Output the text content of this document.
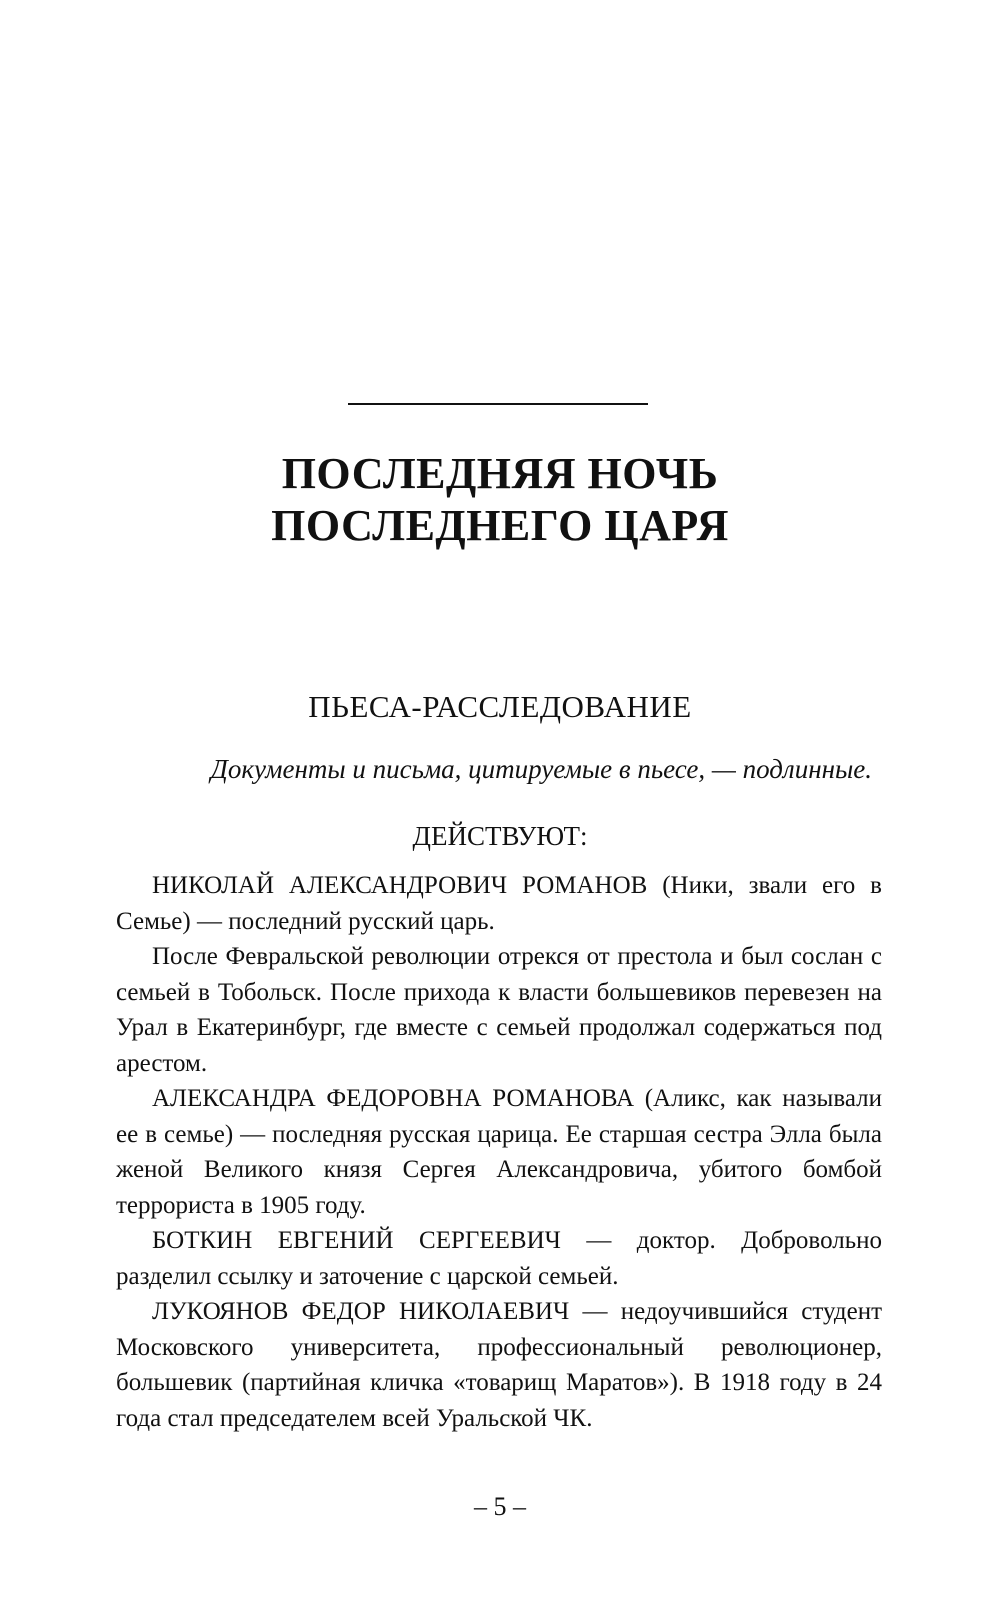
ПОСЛЕДНЯЯ НОЧЬ
ПОСЛЕДНЕГО ЦАРЯ
ПЬЕСА-РАССЛЕДОВАНИЕ
Документы и письма, цитируемые в пьесе, — подлинные.
ДЕЙСТВУЮТ:

НИКОЛАЙ АЛЕКСАНДРОВИЧ РОМАНОВ (Ники, звали его в Семье) — последний русский царь.

После Февральской революции отрекся от престола и был сослан с семьей в Тобольск. После прихода к власти большевиков перевезен на Урал в Екатеринбург, где вместе с семьей продолжал содержаться под арестом.

АЛЕКСАНДРА ФЕДОРОВНА РОМАНОВА (Аликс, как называли ее в семье) — последняя русская царица. Ее старшая сестра Элла была женой Великого князя Сергея Александровича, убитого бомбой террориста в 1905 году.

БОТКИН ЕВГЕНИЙ СЕРГЕЕВИЧ — доктор. Добровольно разделил ссылку и заточение с царской семьей.

ЛУКОЯНОВ ФЕДОР НИКОЛАЕВИЧ — недоучившийся студент Московского университета, профессиональный революционер, большевик (партийная кличка «товарищ Маратов»). В 1918 году в 24 года стал председателем всей Уральской ЧК.

– 5 –
